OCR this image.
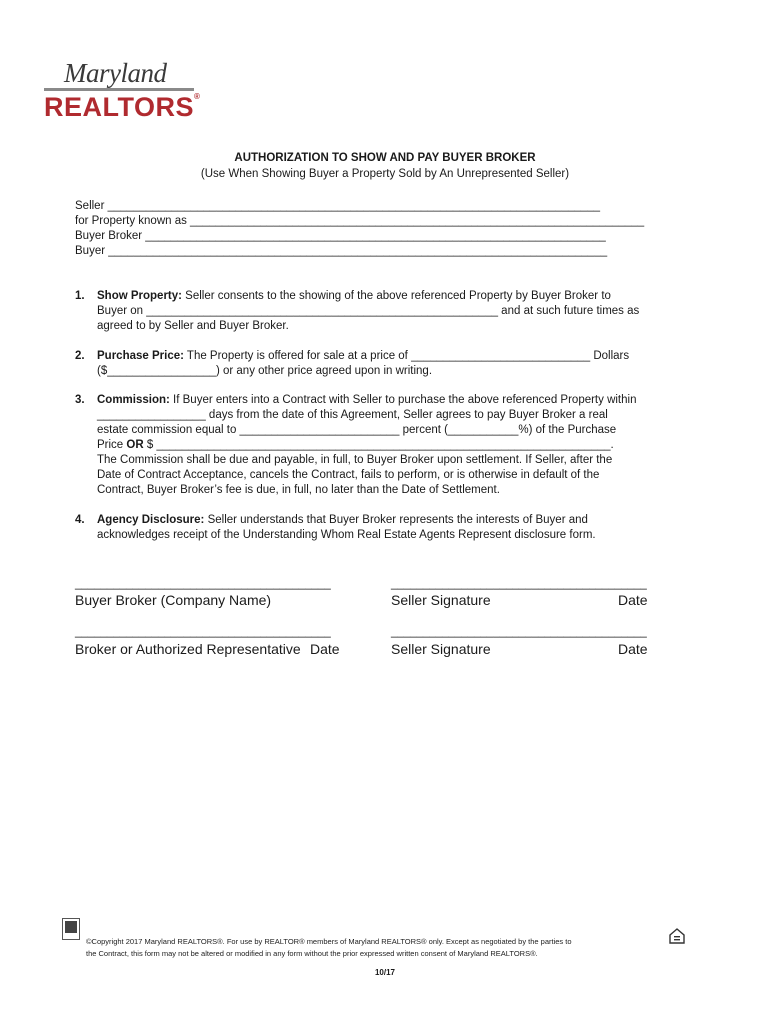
Maryland
REALTORS®
AUTHORIZATION TO SHOW AND PAY BUYER BROKER
(Use When Showing Buyer a Property Sold by An Unrepresented Seller)
Seller _____________________________________________________________________________
for Property known as _______________________________________________________________________
Buyer Broker ________________________________________________________________________
Buyer ______________________________________________________________________________
1. Show Property: Seller consents to the showing of the above referenced Property by Buyer Broker to
Buyer on _______________________________________________________ and at such future times as
agreed to by Seller and Buyer Broker.
2. Purchase Price: The Property is offered for sale at a price of ____________________________ Dollars
($_________________) or any other price agreed upon in writing.
3. Commission: If Buyer enters into a Contract with Seller to purchase the above referenced Property within
_________________ days from the date of this Agreement, Seller agrees to pay Buyer Broker a real
estate commission equal to _________________________ percent (___________%) of the Purchase
Price OR $ _______________________________________________________________________.
The Commission shall be due and payable, in full, to Buyer Broker upon settlement. If Seller, after the
Date of Contract Acceptance, cancels the Contract, fails to perform, or is otherwise in default of the
Contract, Buyer Broker’s fee is due, in full, no later than the Date of Settlement.
4. Agency Disclosure: Seller understands that Buyer Broker represents the interests of Buyer and
acknowledges receipt of the Understanding Whom Real Estate Agents Represent disclosure form.
________________________________________	________________________________________
Buyer Broker (Company Name)	Seller Signature	Date
________________________________________	________________________________________
Broker or Authorized Representative Date	Seller Signature	Date
©Copyright 2017 Maryland REALTORS®. For use by REALTOR® members of Maryland REALTORS® only. Except as negotiated by the parties to
the Contract, this form may not be altered or modified in any form without the prior expressed written consent of Maryland REALTORS®.
10/17
